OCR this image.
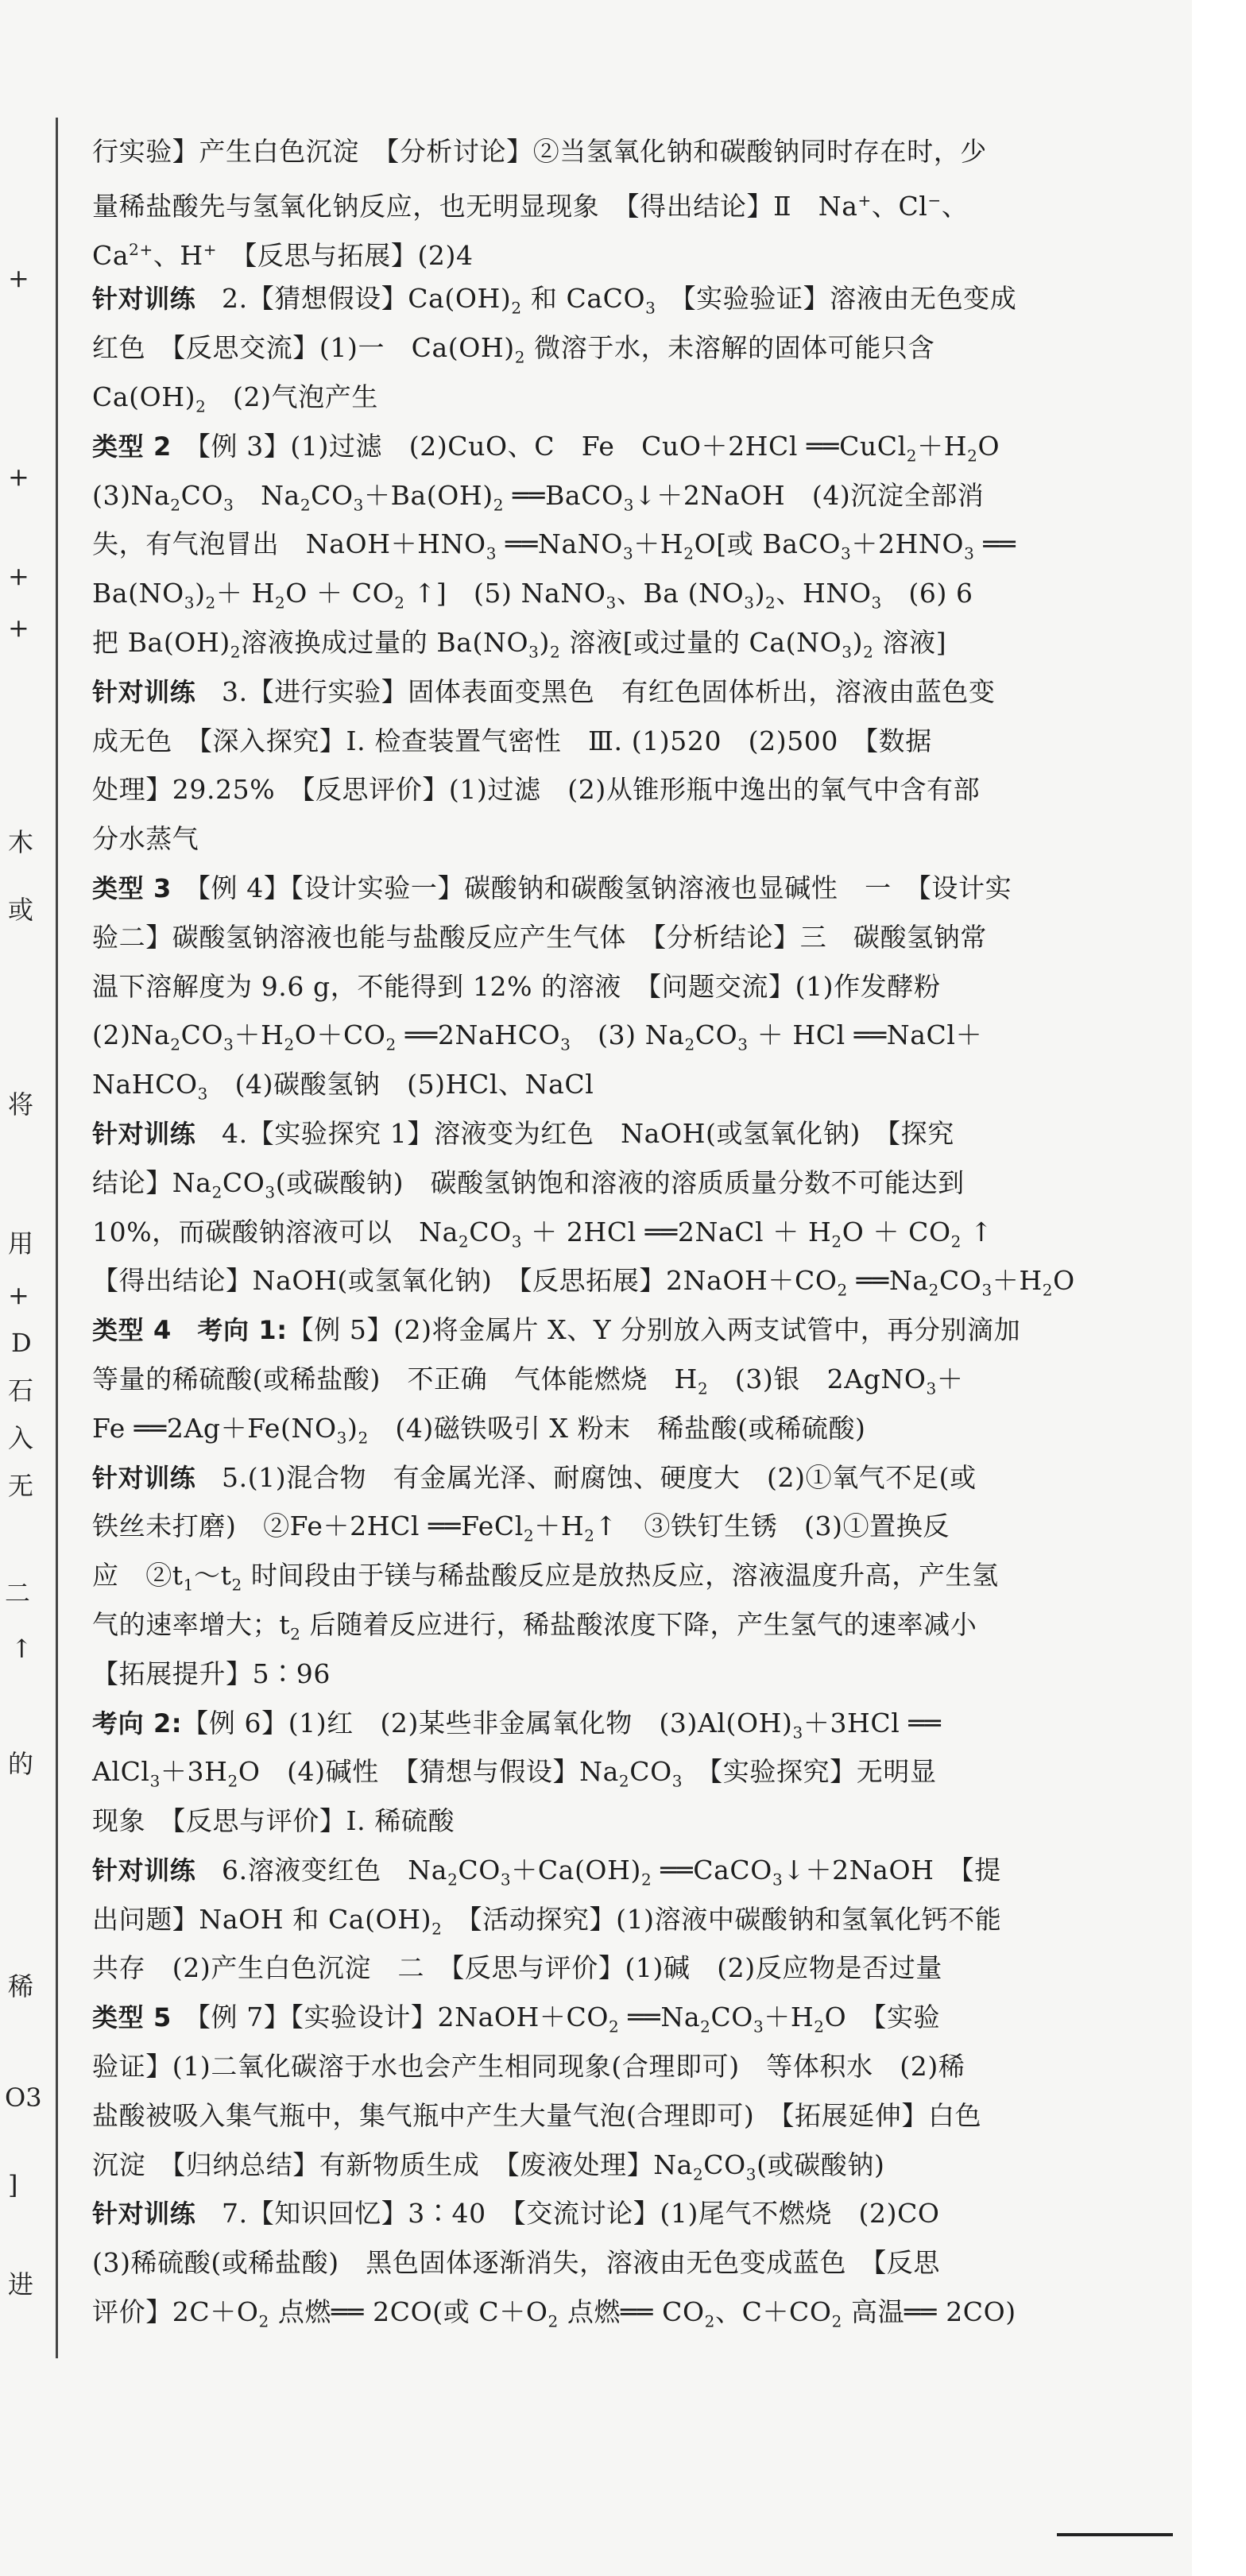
+
+
+
+
木
或
将
用
+
D
石
入
无
二
↑
的
稀
O3
]
进
行实验】产生白色沉淀　【分析讨论】②当氢氧化钠和碳酸钠同时存在时，少
量稀盐酸先与氢氧化钠反应，也无明显现象　【得出结论】Ⅱ　Na+、Cl−、
$Ca^{2+}$、H+　【反思与拓展】(2)4
针对训练　2.【猜想假设】$Ca(OH)_2$ 和 CaCO$_3$　【实验验证】溶液由无色变成
红色　【反思交流】(1)一　$Ca(OH)_2$ 微溶于水，未溶解的固体可能只含
$Ca(OH)_2$　(2)气泡产生
类型 2　【例 3】(1)过滤　(2)CuO、C　Fe　CuO＋2HCl $══CuCl_2+H_2O$
$(3)Na_2CO_3$　$Na_2CO_3+Ba(OH)_2$ ══BaCO$_3$↓＋2NaOH　(4)沉淀全部消
失，有气泡冒出　$NaOH+HNO_3$ $══NaNO_3+H_2O$[或 $BaCO_3+2HNO_3$ ══
$Ba(NO_3)_2+ H_2O + CO_2$ ↑]　(5) NaNO$_3$、Ba $(NO_3)_2$、$HNO_3$　(6) 6
把 $Ba(OH)_2$溶液换成过量的 $Ba(NO_3)_2$ 溶液[或过量的 $Ca(NO_3)_2$ 溶液]
针对训练　3.【进行实验】固体表面变黑色　有红色固体析出，溶液由蓝色变
成无色　【深入探究】Ⅰ. 检查装置气密性　Ⅲ. (1)520　(2)500　【数据
处理】29.25%　【反思评价】(1)过滤　(2)从锥形瓶中逸出的氧气中含有部
分水蒸气
类型 3　【例 4】【设计实验一】碳酸钠和碳酸氢钠溶液也显碱性　一　【设计实
验二】碳酸氢钠溶液也能与盐酸反应产生气体　【分析结论】三　碳酸氢钠常
温下溶解度为 9.6 g，不能得到 12% 的溶液　【问题交流】(1)作发酵粉
$(2)Na_2CO_3+H_2O+CO_2$ ══2NaHCO$_3$　(3) $Na_2CO_3$ ＋ HCl ══NaCl＋
NaHCO$_3$　(4)碳酸氢钠　(5)HCl、NaCl
针对训练　4.【实验探究 1】溶液变为红色　NaOH(或氢氧化钠)　【探究
结论】$Na_2CO_3$(或碳酸钠)　碳酸氢钠饱和溶液的溶质质量分数不可能达到
10%，而碳酸钠溶液可以　$Na_2CO_3 + 2HCl$ ══2NaCl ＋ $H_2O + CO_2$ ↑
【得出结论】NaOH(或氢氧化钠)　【反思拓展】$2NaOH+CO_2$ $══Na_2CO_3+H_2O$
类型 4　考向 1:【例 5】(2)将金属片 X、Y 分别放入两支试管中，再分别滴加
等量的稀硫酸(或稀盐酸)　不正确　气体能燃烧　$H_2$　(3)银　2AgNO$_3$＋
Fe $══2Ag+Fe(NO_3)_2$　(4)磁铁吸引 X 粉末　稀盐酸(或稀硫酸)
针对训练　5.(1)混合物　有金属光泽、耐腐蚀、硬度大　(2)①氧气不足(或
铁丝未打磨)　②Fe＋2HCl $══FeCl_2+H_2↑$　③铁钉生锈　(3)①置换反
应　$②t_1\sim t_2$ 时间段由于镁与稀盐酸反应是放热反应，溶液温度升高，产生氢
气的速率增大；$t_2$ 后随着反应进行，稀盐酸浓度下降，产生氢气的速率减小
【拓展提升】5∶96
考向 2:【例 6】(1)红　(2)某些非金属氧化物　$(3)Al(OH)_3+3HCl$ ══
$AlCl_3+3H_2O$　(4)碱性　【猜想与假设】$Na_2CO_3$　【实验探究】无明显
现象　【反思与评价】Ⅰ. 稀硫酸
针对训练　6.溶液变红色　$Na_2CO_3+Ca(OH)_2$ ══CaCO$_3$↓＋2NaOH　【提
出问题】NaOH 和 $Ca(OH)_2$　【活动探究】(1)溶液中碳酸钠和氢氧化钙不能
共存　(2)产生白色沉淀　二　【反思与评价】(1)碱　(2)反应物是否过量
类型 5　【例 7】【实验设计】$2NaOH+CO_2$ $══Na_2CO_3+H_2O$　【实验
验证】(1)二氧化碳溶于水也会产生相同现象(合理即可)　等体积水　(2)稀
盐酸被吸入集气瓶中，集气瓶中产生大量气泡(合理即可)　【拓展延伸】白色
沉淀　【归纳总结】有新物质生成　【废液处理】$Na_2CO_3$(或碳酸钠)
针对训练　7.【知识回忆】3∶40　【交流讨论】(1)尾气不燃烧　(2)CO
(3)稀硫酸(或稀盐酸)　黑色固体逐渐消失，溶液由无色变成蓝色　【反思
评价】$2C+O_2$ 点燃══ 2CO(或 $C+O_2$ 点燃══ $CO_2$、$C+CO_2$ 高温══ 2CO)
